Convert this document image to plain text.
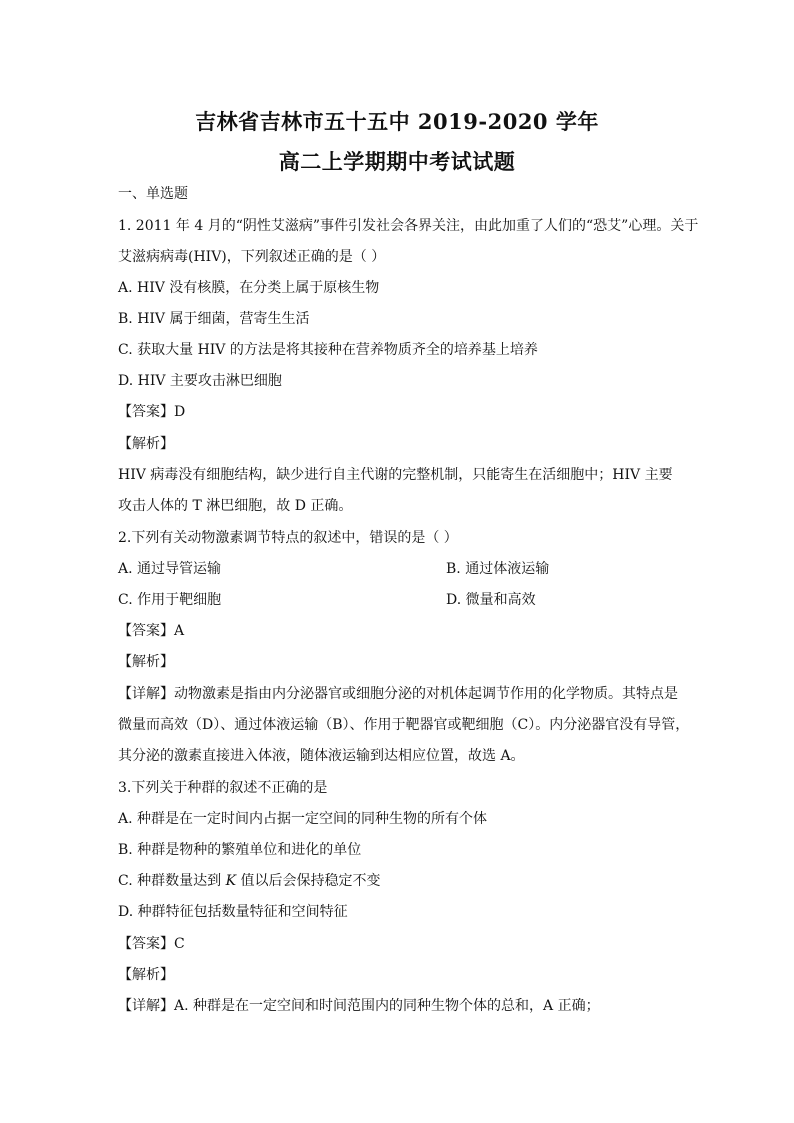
吉林省吉林市五十五中 2019-2020 学年
高二上学期期中考试试题
一、单选题
1. 2011 年 4 月的“阴性艾滋病”事件引发社会各界关注，由此加重了人们的“恐艾”心理。关于
艾滋病病毒(HIV)，下列叙述正确的是（ ）
A. HIV 没有核膜，在分类上属于原核生物
B. HIV 属于细菌，营寄生生活
C. 获取大量 HIV 的方法是将其接种在营养物质齐全的培养基上培养
D. HIV 主要攻击淋巴细胞
【答案】D
【解析】
HIV 病毒没有细胞结构，缺少进行自主代谢的完整机制，只能寄生在活细胞中；HIV 主要
攻击人体的 T 淋巴细胞，故 D 正确。
2.下列有关动物激素调节特点的叙述中，错误的是（ ）
A. 通过导管运输	B. 通过体液运输
C. 作用于靶细胞	D. 微量和高效
【答案】A
【解析】
【详解】动物激素是指由内分泌器官或细胞分泌的对机体起调节作用的化学物质。其特点是
微量而高效（D）、通过体液运输（B）、作用于靶器官或靶细胞（C）。内分泌器官没有导管，
其分泌的激素直接进入体液，随体液运输到达相应位置，故选 A。
3.下列关于种群的叙述不正确的是
A. 种群是在一定时间内占据一定空间的同种生物的所有个体
B. 种群是物种的繁殖单位和进化的单位
C. 种群数量达到 K 值以后会保持稳定不变
D. 种群特征包括数量特征和空间特征
【答案】C
【解析】
【详解】A. 种群是在一定空间和时间范围内的同种生物个体的总和，A 正确；
